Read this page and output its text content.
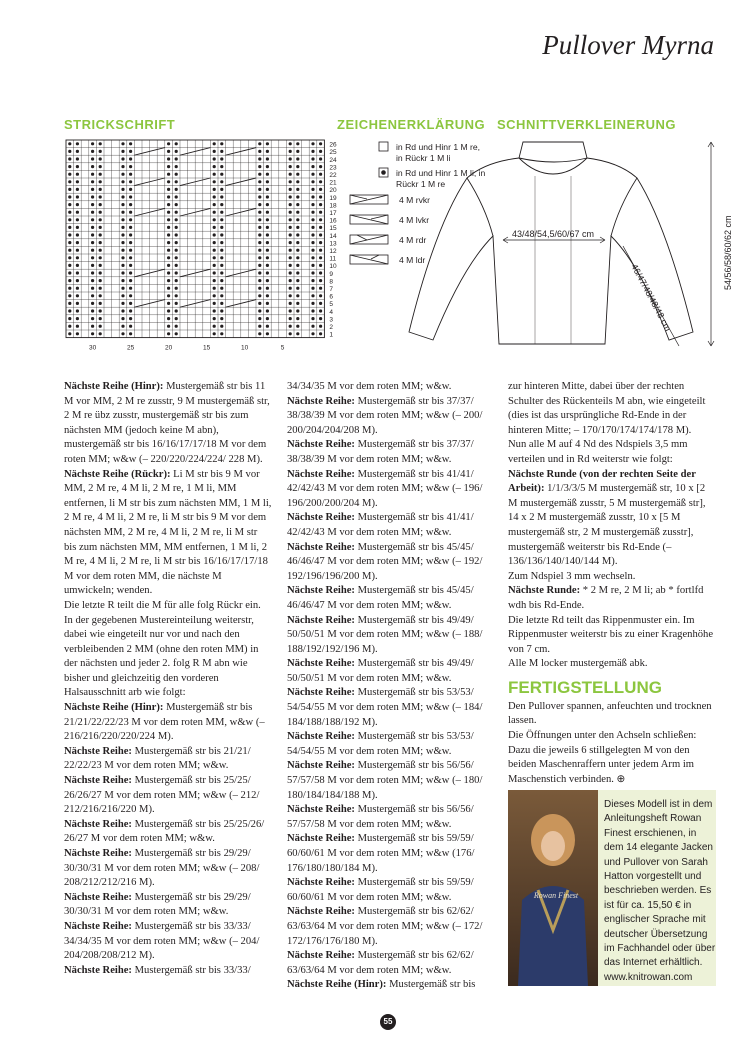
Pullover Myrna
STRICKSCHRIFT	ZEICHENERKLÄRUNG SCHNITTVERKLEINERUNG
26
25
24
23
22
21
20
19
18
17
16
15
14
13
12
11
10
9
8
7
6
5
4
3
2
1
30	25	20	15	10	5
in Rd und Hinr 1 M re, in Rückr 1 M li
in Rd und Hinr 1 M li, in Rückr 1 M re
4 M rvkr
4 M lvkr
4 M rdr
4 M ldr
43/48/54,5/60/67 cm
46/47/48/48/48 cm
54/56/58/60/62 cm

Nächste Reihe (Hinr): Mustergemäß str bis 11 M vor MM, 2 M re zusstr, 9 M mustergemäß str, 2 M re übz zusstr, mustergemäß str bis zum nächsten MM (jedoch keine M abn), mustergemäß str bis 16/16/17/17/18 M vor dem roten MM; w&w (– 220/220/224/224/ 228 M).

Nächste Reihe (Rückr): Li M str bis 9 M vor MM, 2 M re, 4 M li, 2 M re, 1 M li, MM entfernen, li M str bis zum nächsten MM, 1 M li, 2 M re, 4 M li, 2 M re, li M str bis 9 M vor dem nächsten MM, 2 M re, 4 M li, 2 M re, li M str bis zum nächsten MM, MM entfernen, 1 M li, 2 M re, 4 M li, 2 M re, li M str bis 16/16/17/17/18 M vor dem roten MM, die nächste M umwickeln; wenden.

Die letzte R teilt die M für alle folg Rückr ein. In der gegebenen Mustereinteilung weiterstr, dabei wie eingeteilt nur vor und nach den verbleibenden 2 MM (ohne den roten MM) in der nächsten und jeder 2. folg R M abn wie bisher und gleichzeitig den vorderen Halsausschnitt arb wie folgt:

Nächste Reihe (Hinr): Mustergemäß str bis 21/21/22/22/23 M vor dem roten MM, w&w (– 216/216/220/220/224 M).

Nächste Reihe: Mustergemäß str bis 21/21/ 22/22/23 M vor dem roten MM; w&w.

Nächste Reihe: Mustergemäß str bis 25/25/ 26/26/27 M vor dem roten MM; w&w (– 212/ 212/216/216/220 M).

Nächste Reihe: Mustergemäß str bis 25/25/26/ 26/27 M vor dem roten MM; w&w.

Nächste Reihe: Mustergemäß str bis 29/29/ 30/30/31 M vor dem roten MM; w&w (– 208/ 208/212/212/216 M).

Nächste Reihe: Mustergemäß str bis 29/29/ 30/30/31 M vor dem roten MM; w&w.

Nächste Reihe: Mustergemäß str bis 33/33/ 34/34/35 M vor dem roten MM; w&w (– 204/ 204/208/208/212 M).

Nächste Reihe: Mustergemäß str bis 33/33/

34/34/35 M vor dem roten MM; w&w.

Nächste Reihe: Mustergemäß str bis 37/37/ 38/38/39 M vor dem roten MM; w&w (– 200/ 200/204/204/208 M).

Nächste Reihe: Mustergemäß str bis 37/37/ 38/38/39 M vor dem roten MM; w&w.

Nächste Reihe: Mustergemäß str bis 41/41/ 42/42/43 M vor dem roten MM; w&w (– 196/ 196/200/200/204 M).

Nächste Reihe: Mustergemäß str bis 41/41/ 42/42/43 M vor dem roten MM; w&w.

Nächste Reihe: Mustergemäß str bis 45/45/ 46/46/47 M vor dem roten MM; w&w (– 192/ 192/196/196/200 M).

Nächste Reihe: Mustergemäß str bis 45/45/ 46/46/47 M vor dem roten MM; w&w.

Nächste Reihe: Mustergemäß str bis 49/49/ 50/50/51 M vor dem roten MM; w&w (– 188/ 188/192/192/196 M).

Nächste Reihe: Mustergemäß str bis 49/49/ 50/50/51 M vor dem roten MM; w&w.

Nächste Reihe: Mustergemäß str bis 53/53/ 54/54/55 M vor dem roten MM; w&w (– 184/ 184/188/188/192 M).

Nächste Reihe: Mustergemäß str bis 53/53/ 54/54/55 M vor dem roten MM; w&w.

Nächste Reihe: Mustergemäß str bis 56/56/ 57/57/58 M vor dem roten MM; w&w (– 180/ 180/184/184/188 M).

Nächste Reihe: Mustergemäß str bis 56/56/ 57/57/58 M vor dem roten MM; w&w.

Nächste Reihe: Mustergemäß str bis 59/59/ 60/60/61 M vor dem roten MM; w&w (176/ 176/180/180/184 M).

Nächste Reihe: Mustergemäß str bis 59/59/ 60/60/61 M vor dem roten MM; w&w.

Nächste Reihe: Mustergemäß str bis 62/62/ 63/63/64 M vor dem roten MM; w&w (– 172/ 172/176/176/180 M).

Nächste Reihe: Mustergemäß str bis 62/62/ 63/63/64 M vor dem roten MM; w&w.

Nächste Reihe (Hinr): Mustergemäß str bis

zur hinteren Mitte, dabei über der rechten Schulter des Rückenteils M abn, wie eingeteilt (dies ist das ursprüngliche Rd-Ende in der hinteren Mitte; – 170/170/174/174/178 M).

Nun alle M auf 4 Nd des Ndspiels 3,5 mm verteilen und in Rd weiterstr wie folgt:

Nächste Runde (von der rechten Seite der Arbeit): 1/1/3/3/5 M mustergemäß str, 10 x [2 M mustergemäß zusstr, 5 M mustergemäß str], 14 x 2 M mustergemäß zusstr, 10 x [5 M mustergemäß str, 2 M mustergemäß zusstr], mustergemäß weiterstr bis Rd-Ende (– 136/136/140/140/144 M).

Zum Ndspiel 3 mm wechseln.

Nächste Runde: * 2 M re, 2 M li; ab * fortlfd wdh bis Rd-Ende.

Die letzte Rd teilt das Rippenmuster ein. Im Rippenmuster weiterstr bis zu einer Kragenhöhe von 7 cm.

Alle M locker mustergemäß abk.

FERTIGSTELLUNG

Den Pullover spannen, anfeuchten und trocknen lassen.

Die Öffnungen unter den Achseln schließen: Dazu die jeweils 6 stillgelegten M von den beiden Maschenraffern unter jedem Arm im Maschenstich verbinden. ⊕

Rowan Finest
Dieses Modell ist in dem Anleitungsheft Rowan Finest erschienen, in dem 14 elegante Jacken und Pullover von Sarah Hatton vorgestellt und beschrieben werden. Es ist für ca. 15,50 € in englischer Sprache mit deutscher Übersetzung im Fachhandel oder über das Internet erhältlich. www.knitrowan.com
55
